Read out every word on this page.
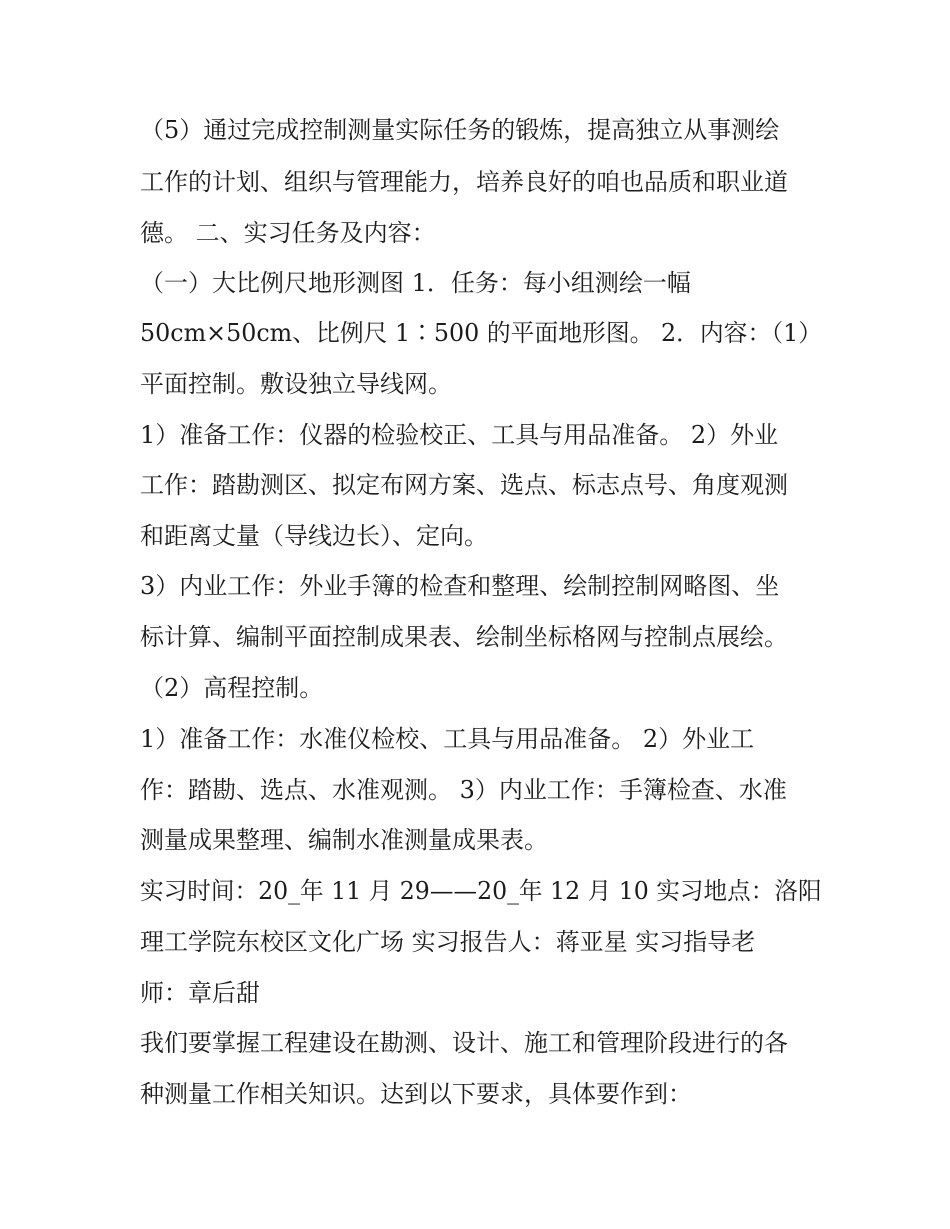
（5）通过完成控制测量实际任务的锻炼，提高独立从事测绘
工作的计划、组织与管理能力，培养良好的咱也品质和职业道
德。 二、实习任务及内容：
（一）大比例尺地形测图 1．任务：每小组测绘一幅
50cm×50cm、比例尺 1∶500 的平面地形图。 2．内容：（1）
平面控制。敷设独立导线网。
1）准备工作：仪器的检验校正、工具与用品准备。 2）外业
工作：踏勘测区、拟定布网方案、选点、标志点号、角度观测
和距离丈量（导线边长）、定向。
3）内业工作：外业手簿的检查和整理、绘制控制网略图、坐
标计算、编制平面控制成果表、绘制坐标格网与控制点展绘。
（2）高程控制。
1）准备工作：水准仪检校、工具与用品准备。 2）外业工
作：踏勘、选点、水准观测。 3）内业工作：手簿检查、水准
测量成果整理、编制水准测量成果表。
实习时间：20_年 11 月 29——20_年 12 月 10 实习地点：洛阳
理工学院东校区文化广场 实习报告人：蒋亚星 实习指导老
师：章后甜
我们要掌握工程建设在勘测、设计、施工和管理阶段进行的各
种测量工作相关知识。达到以下要求，具体要作到：
